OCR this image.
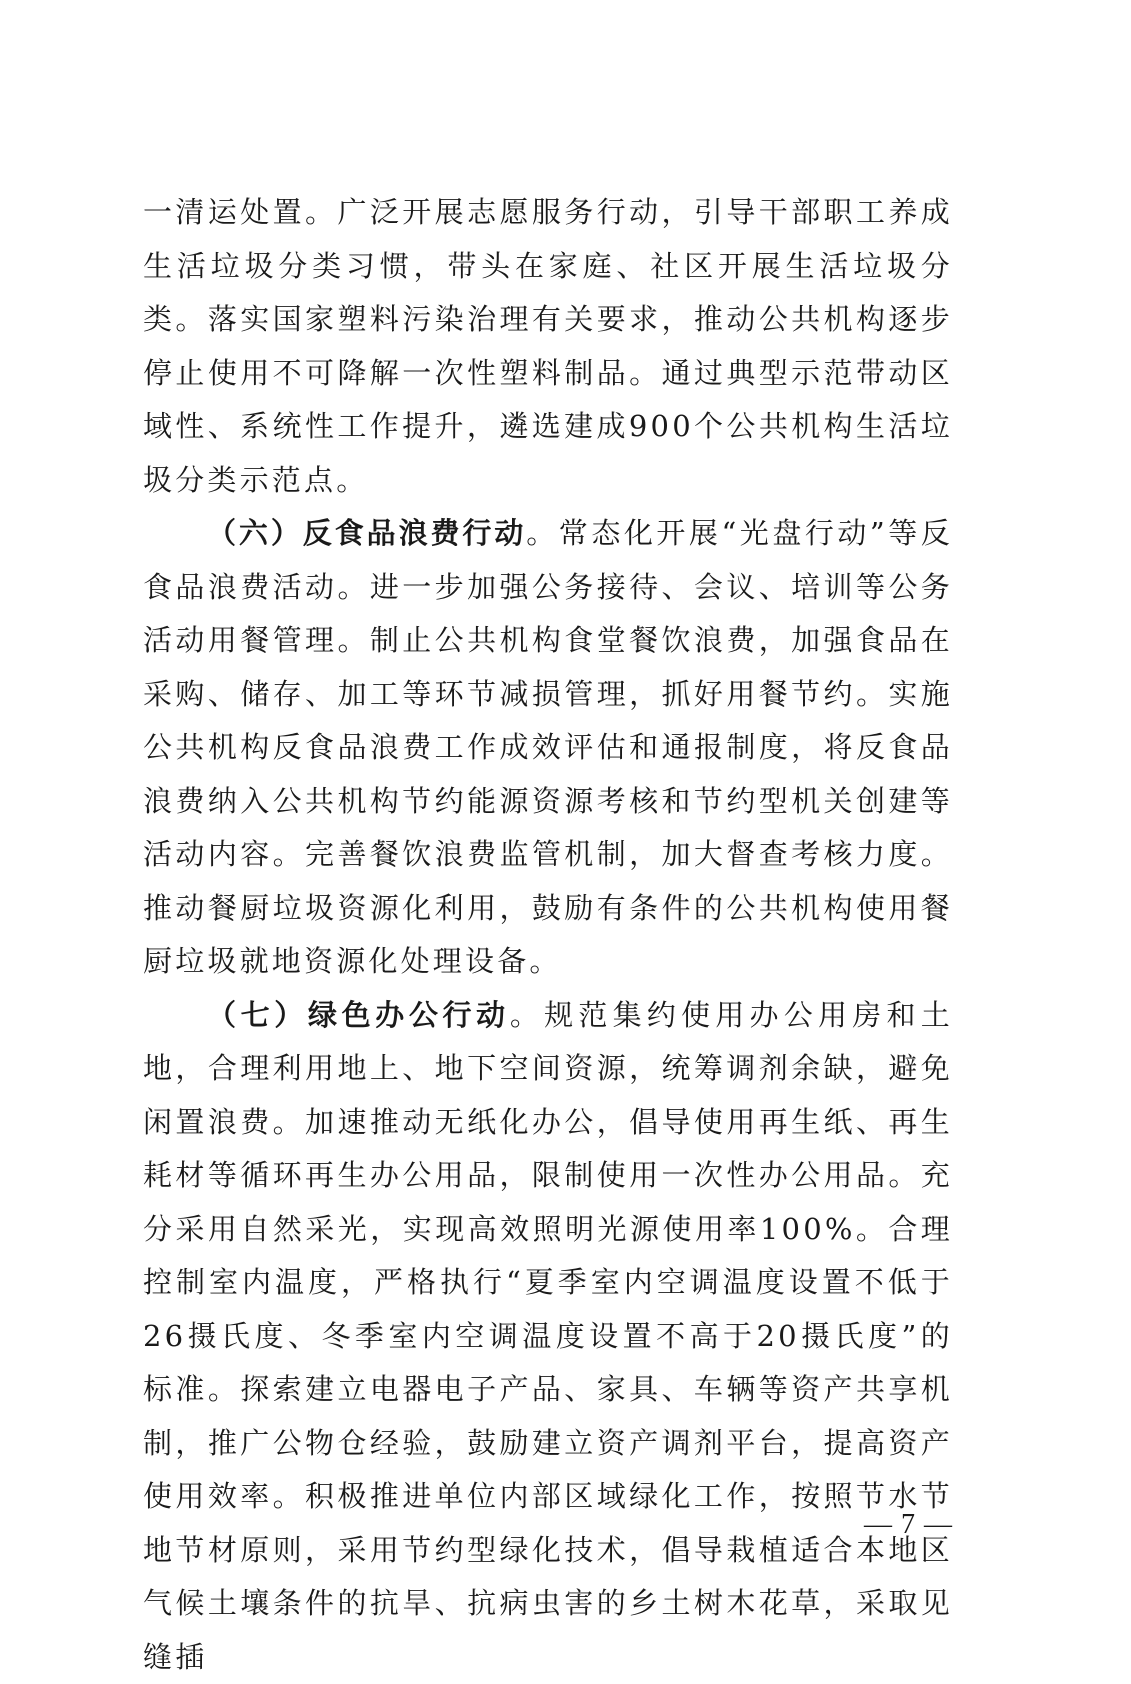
一清运处置。广泛开展志愿服务行动，引导干部职工养成生活垃圾分类习惯，带头在家庭、社区开展生活垃圾分类。落实国家塑料污染治理有关要求，推动公共机构逐步停止使用不可降解一次性塑料制品。通过典型示范带动区域性、系统性工作提升，遴选建成900个公共机构生活垃圾分类示范点。

（六）反食品浪费行动。常态化开展“光盘行动”等反食品浪费活动。进一步加强公务接待、会议、培训等公务活动用餐管理。制止公共机构食堂餐饮浪费，加强食品在采购、储存、加工等环节减损管理，抓好用餐节约。实施公共机构反食品浪费工作成效评估和通报制度，将反食品浪费纳入公共机构节约能源资源考核和节约型机关创建等活动内容。完善餐饮浪费监管机制，加大督查考核力度。推动餐厨垃圾资源化利用，鼓励有条件的公共机构使用餐厨垃圾就地资源化处理设备。

（七）绿色办公行动。规范集约使用办公用房和土地，合理利用地上、地下空间资源，统筹调剂余缺，避免闲置浪费。加速推动无纸化办公，倡导使用再生纸、再生耗材等循环再生办公用品，限制使用一次性办公用品。充分采用自然采光，实现高效照明光源使用率100%。合理控制室内温度，严格执行“夏季室内空调温度设置不低于26摄氏度、冬季室内空调温度设置不高于20摄氏度”的标准。探索建立电器电子产品、家具、车辆等资产共享机制，推广公物仓经验，鼓励建立资产调剂平台，提高资产使用效率。积极推进单位内部区域绿化工作，按照节水节地节材原则，采用节约型绿化技术，倡导栽植适合本地区气候土壤条件的抗旱、抗病虫害的乡土树木花草，采取见缝插

— 7 —
